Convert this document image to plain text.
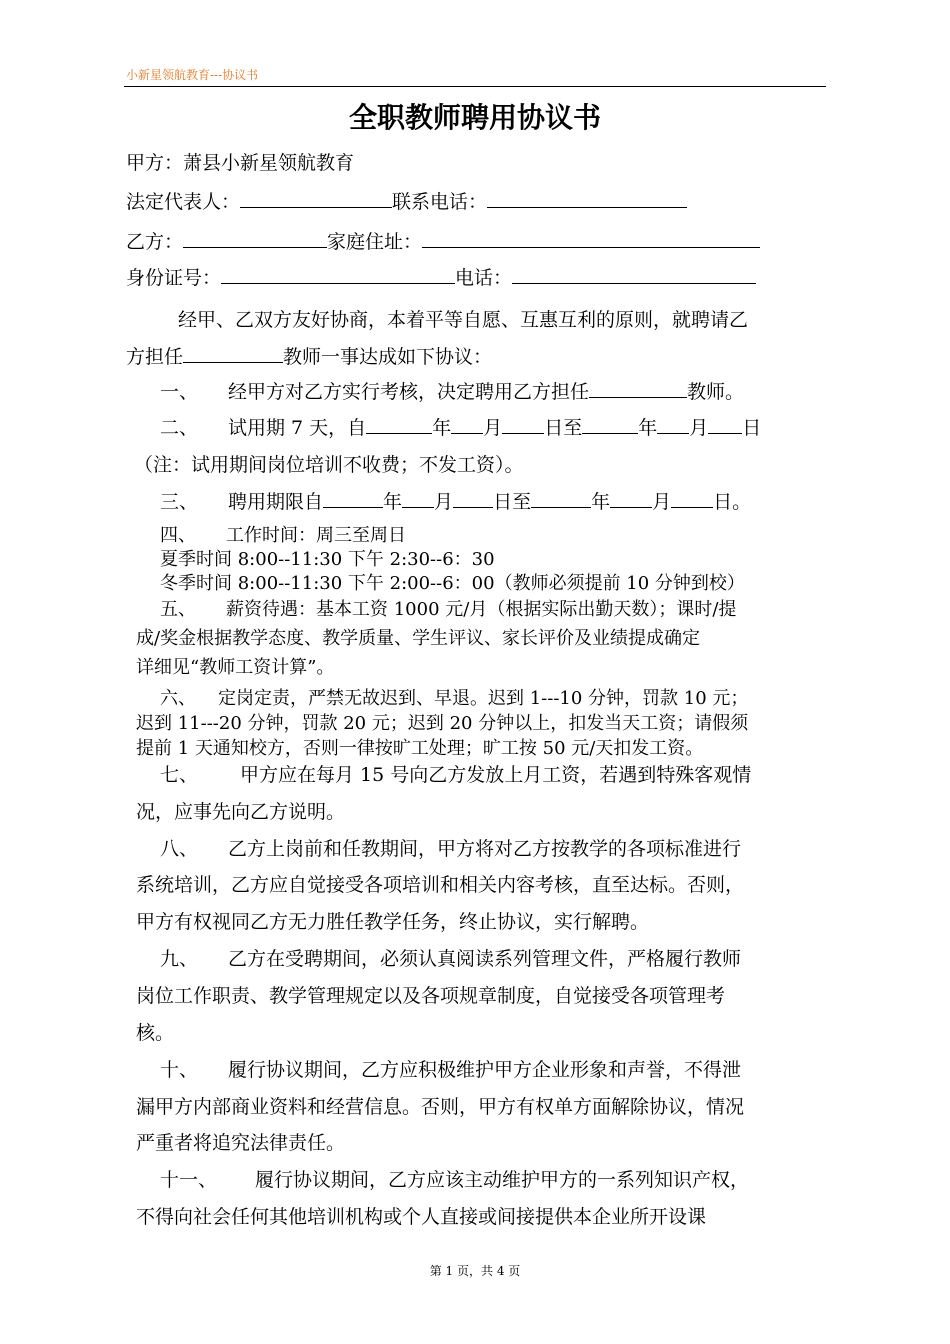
小新星领航教育---协议书
全职教师聘用协议书
甲方：萧县小新星领航教育
法定代表人：	联系电话：
乙方：	家庭住址：
身份证号：	电话：
经甲、乙双方友好协商，本着平等自愿、互惠互利的原则，就聘请乙
方担任	教师一事达成如下协议：
一、 经甲方对乙方实行考核，决定聘用乙方担任	教师。
二、 试用期 7 天，自	年 月 日至	年 月 日
（注：试用期间岗位培训不收费；不发工资）。
三、 聘用期限自	年 月 日至	年 月 日。
四、 工作时间：周三至周日
夏季时间 8:00--11:30 下午 2:30--6：30
冬季时间 8:00--11:30 下午 2:00--6：00（教师必须提前 10 分钟到校）
五、 薪资待遇：基本工资 1000 元/月（根据实际出勤天数）；课时/提
成/奖金根据教学态度、教学质量、学生评议、家长评价及业绩提成确定
详细见“教师工资计算”。
六、 定岗定责，严禁无故迟到、早退。迟到 1---10 分钟，罚款 10 元；
迟到 11---20 分钟，罚款 20 元；迟到 20 分钟以上，扣发当天工资；请假须
提前 1 天通知校方，否则一律按旷工处理；旷工按 50 元/天扣发工资。
七、 甲方应在每月 15 号向乙方发放上月工资，若遇到特殊客观情
况，应事先向乙方说明。
八、 乙方上岗前和任教期间，甲方将对乙方按教学的各项标准进行
系统培训，乙方应自觉接受各项培训和相关内容考核，直至达标。否则，
甲方有权视同乙方无力胜任教学任务，终止协议，实行解聘。
九、 乙方在受聘期间，必须认真阅读系列管理文件，严格履行教师
岗位工作职责、教学管理规定以及各项规章制度，自觉接受各项管理考
核。
十、 履行协议期间，乙方应积极维护甲方企业形象和声誉，不得泄
漏甲方内部商业资料和经营信息。否则，甲方有权单方面解除协议，情况
严重者将追究法律责任。
十一、 履行协议期间，乙方应该主动维护甲方的一系列知识产权，
不得向社会任何其他培训机构或个人直接或间接提供本企业所开设课
第 1 页，共 4 页
